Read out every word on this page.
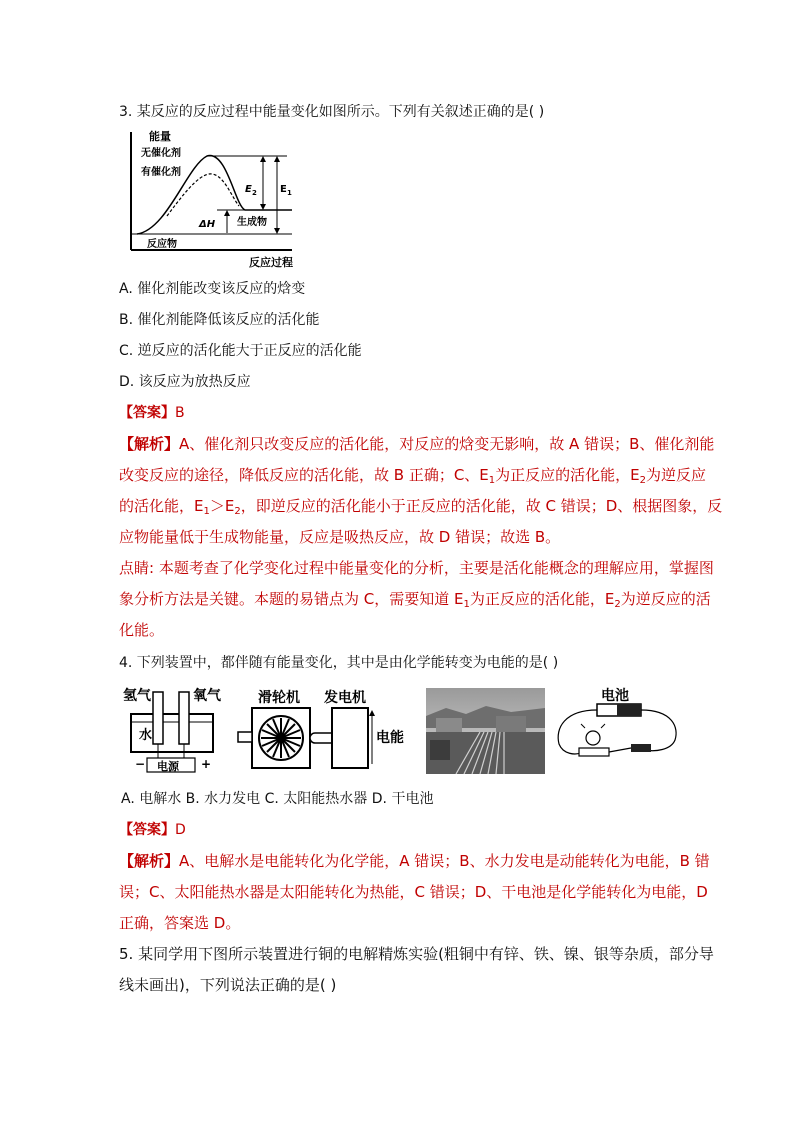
3. 某反应的反应过程中能量变化如图所示。下列有关叙述正确的是( )
能量
无催化剂
有催化剂
E 2 E 1
ΔH 生成物
反应物
反应过程
A. 催化剂能改变该反应的焓变
B. 催化剂能降低该反应的活化能
C. 逆反应的活化能大于正反应的活化能
D. 该反应为放热反应
【答案】B
【解析】A、催化剂只改变反应的活化能，对反应的焓变无影响，故 A 错误；B、催化剂能
改变反应的途径，降低反应的活化能，故 B 正确；C、$E_1$为正反应的活化能，$E_2$为逆反应
的活化能，$E_1>E_2$，即逆反应的活化能小于正反应的活化能，故 C 错误；D、根据图象，反
应物能量低于生成物能量，反应是吸热反应，故 D 错误；故选 B。
点睛: 本题考查了化学变化过程中能量变化的分析，主要是活化能概念的理解应用，掌握图
象分析方法是关键。本题的易错点为 C，需要知道 $E_1$为正反应的活化能，$E_2$为逆反应的活
化能。
4. 下列装置中，都伴随有能量变化，其中是由化学能转变为电能的是( )
氢气	氧气
水
电源
−	+
滑轮机 发电机
电能
电池
A. 电解水 B. 水力发电 C. 太阳能热水器 D. 干电池
【答案】D
【解析】A、电解水是电能转化为化学能，A 错误；B、水力发电是动能转化为电能，B 错
误；C、太阳能热水器是太阳能转化为热能，C 错误；D、干电池是化学能转化为电能，D
正确，答案选 D。
5. 某同学用下图所示装置进行铜的电解精炼实验(粗铜中有锌、铁、镍、银等杂质，部分导
线未画出)，下列说法正确的是( )
